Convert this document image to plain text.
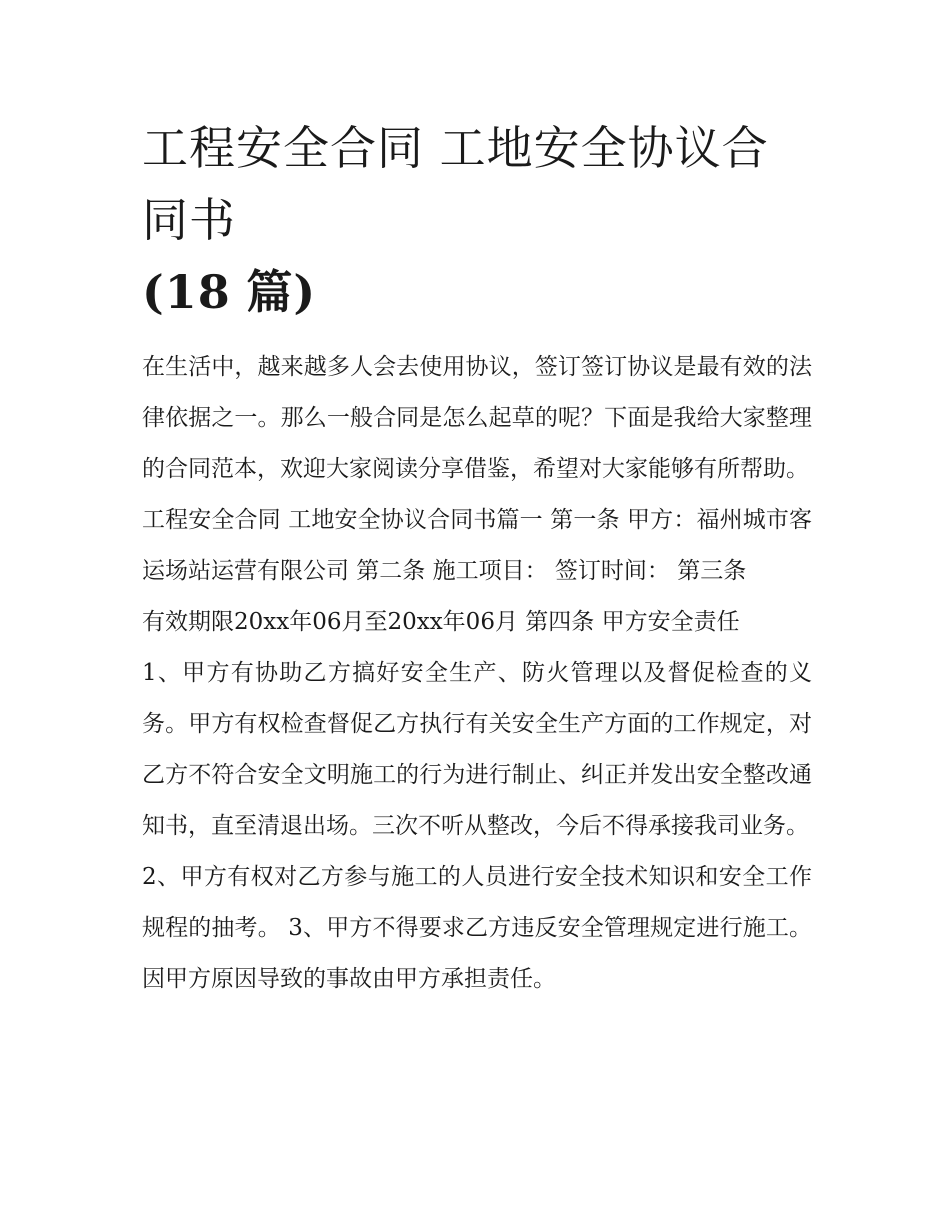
工程安全合同 工地安全协议合同书
(18 篇)

在生活中，越来越多人会去使用协议，签订签订协议是最有效的法律依据之一。那么一般合同是怎么起草的呢？下面是我给大家整理的合同范本，欢迎大家阅读分享借鉴，希望对大家能够有所帮助。

工程安全合同 工地安全协议合同书篇一 第一条 甲方：福州城市客运场站运营有限公司 第二条 施工项目： 签订时间： 第三条

有效期限20xx年06月至20xx年06月 第四条 甲方安全责任

1、甲方有协助乙方搞好安全生产、防火管理以及督促检查的义务。甲方有权检查督促乙方执行有关安全生产方面的工作规定，对乙方不符合安全文明施工的行为进行制止、纠正并发出安全整改通知书，直至清退出场。三次不听从整改，今后不得承接我司业务。

2、甲方有权对乙方参与施工的人员进行安全技术知识和安全工作规程的抽考。 3、甲方不得要求乙方违反安全管理规定进行施工。因甲方原因导致的事故由甲方承担责任。
